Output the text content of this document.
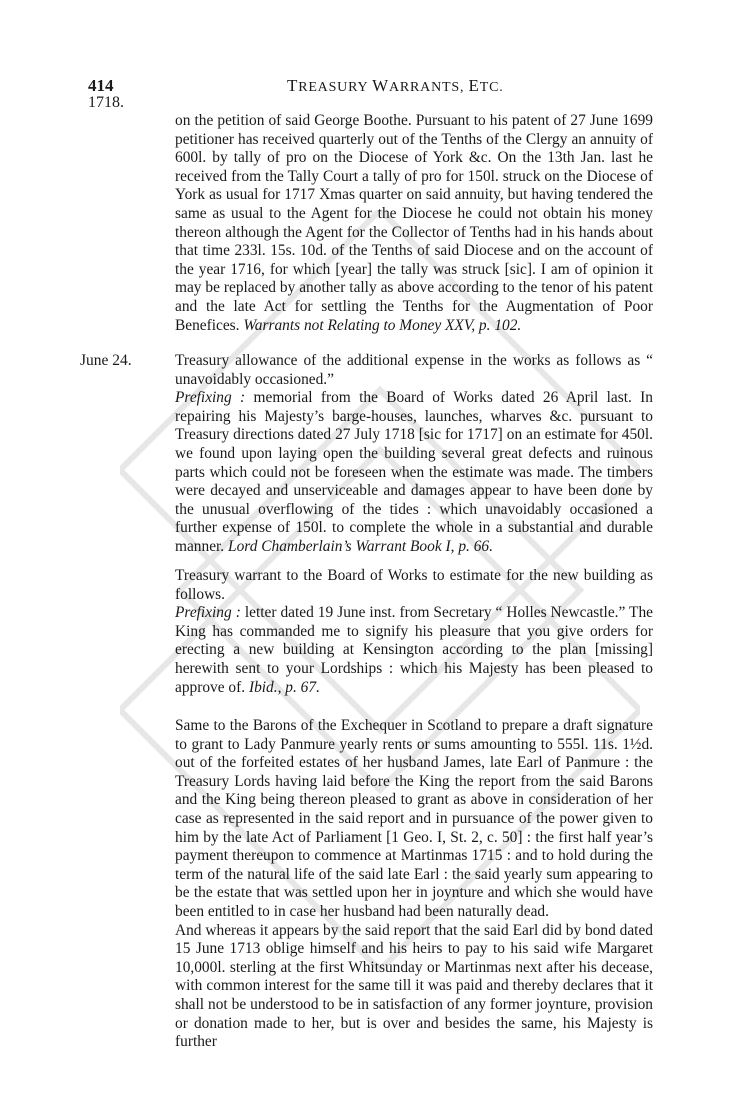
414
1718.
TREASURY WARRANTS, ETC.

on the petition of said George Boothe. Pursuant to his patent of 27 June 1699 petitioner has received quarterly out of the Tenths of the Clergy an annuity of 600l. by tally of pro on the Diocese of York &c. On the 13th Jan. last he received from the Tally Court a tally of pro for 150l. struck on the Diocese of York as usual for 1717 Xmas quarter on said annuity, but having tendered the same as usual to the Agent for the Diocese he could not obtain his money thereon although the Agent for the Collector of Tenths had in his hands about that time 233l. 15s. 10d. of the Tenths of said Diocese and on the account of the year 1716, for which [year] the tally was struck [sic]. I am of opinion it may be replaced by another tally as above according to the tenor of his patent and the late Act for settling the Tenths for the Augmentation of Poor Benefices. Warrants not Relating to Money XXV, p. 102.

June 24.	Treasury allowance of the additional expense in the works as follows as “ unavoidably occasioned.”

Prefixing : memorial from the Board of Works dated 26 April last. In repairing his Majesty’s barge-houses, launches, wharves &c. pursuant to Treasury directions dated 27 July 1718 [sic for 1717] on an estimate for 450l. we found upon laying open the building several great defects and ruinous parts which could not be foreseen when the estimate was made. The timbers were decayed and unserviceable and damages appear to have been done by the unusual overflowing of the tides : which unavoidably occasioned a further expense of 150l. to complete the whole in a substantial and durable manner. Lord Chamberlain’s Warrant Book I, p. 66.

Treasury warrant to the Board of Works to estimate for the new building as follows.

Prefixing : letter dated 19 June inst. from Secretary “ Holles Newcastle.” The King has commanded me to signify his pleasure that you give orders for erecting a new building at Kensington according to the plan [missing] herewith sent to your Lordships : which his Majesty has been pleased to approve of. Ibid., p. 67.

Same to the Barons of the Exchequer in Scotland to prepare a draft signature to grant to Lady Panmure yearly rents or sums amounting to 555l. 11s. 1½d. out of the forfeited estates of her husband James, late Earl of Panmure : the Treasury Lords having laid before the King the report from the said Barons and the King being thereon pleased to grant as above in consideration of her case as represented in the said report and in pursuance of the power given to him by the late Act of Parliament [1 Geo. I, St. 2, c. 50] : the first half year’s payment thereupon to commence at Martinmas 1715 : and to hold during the term of the natural life of the said late Earl : the said yearly sum appearing to be the estate that was settled upon her in joynture and which she would have been entitled to in case her husband had been naturally dead.

And whereas it appears by the said report that the said Earl did by bond dated 15 June 1713 oblige himself and his heirs to pay to his said wife Margaret 10,000l. sterling at the first Whitsunday or Martinmas next after his decease, with common interest for the same till it was paid and thereby declares that it shall not be understood to be in satisfaction of any former joynture, provision or donation made to her, but is over and besides the same, his Majesty is further
